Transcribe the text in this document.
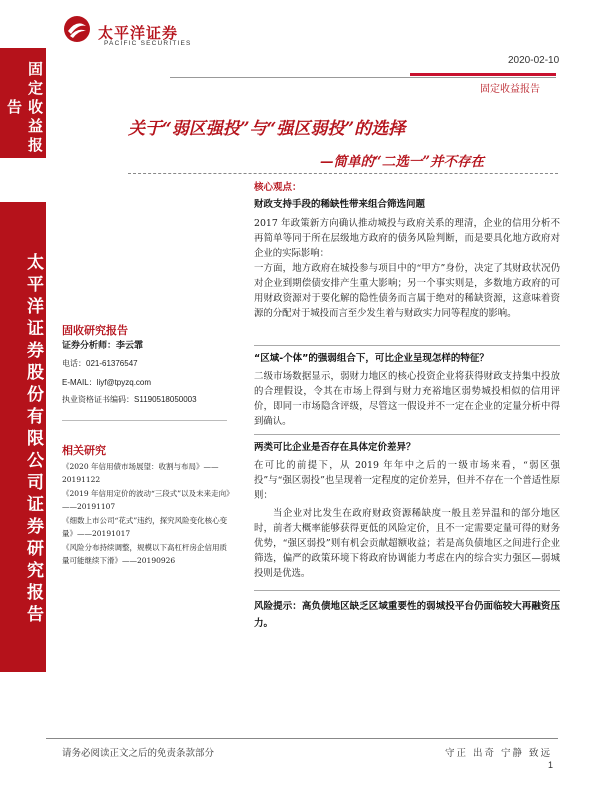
太平洋证券
PACIFIC SECURITIES
2020-02-10
固定收益报告
固定收益报告
太平洋证券股份有限公司证券研究报告
关于“弱区强投”与“强区弱投”的选择
—简单的“二选一”并不存在
固收研究报告
证券分析师：李云霏
电话：021-61376547
E-MAIL：liyf@tpyzq.com
执业资格证书编码：S1190518050003
相关研究
《2020 年信用债市场展望：收割与布局》——20191122
《2019 年信用定价的波动“三段式”以及未来走向》——20191107
《细数上市公司“花式”违约，探究风险变化核心变量》——20191017
《风险分布持续调整，规模以下高杠杆房企信用质量可能继续下滑》——20190926
核心观点：
财政支持手段的稀缺性带来组合筛选问题

2017 年政策新方向确认推动城投与政府关系的理清，企业的信用分析不再简单等同于所在层级地方政府的债务风险判断，而是要具化地方政府对企业的实际影响：

一方面，地方政府在城投参与项目中的“甲方”身份，决定了其财政状况仍对企业到期偿债安排产生重大影响；另一个事实则是，多数地方政府的可用财政资源对于要化解的隐性债务而言属于绝对的稀缺资源，这意味着资源的分配对于城投而言至少发生着与财政实力同等程度的影响。

“区域-个体”的强弱组合下，可比企业呈现怎样的特征？

二级市场数据显示，弱财力地区的核心投资企业将获得财政支持集中投放的合理假设，令其在市场上得到与财力充裕地区弱势城投相似的信用评价，即同一市场隐含评级，尽管这一假设并不一定在企业的定量分析中得到确认。

两类可比企业是否存在具体定价差异？

在可比的前提下，从 2019 年年中之后的一级市场来看，“弱区强投”与“强区弱投”也呈现着一定程度的定价差异，但并不存在一个普适性原则：

当企业对比发生在政府财政资源稀缺度一般且差异温和的部分地区时，前者大概率能够获得更低的风险定价，且不一定需要定量可得的财务优势，“强区弱投”则有机会贡献超额收益；若是高负债地区之间进行企业筛选，偏严的政策环境下将政府协调能力考虑在内的综合实力强区—弱城投则是优选。

风险提示：高负债地区缺乏区域重要性的弱城投平台仍面临较大再融资压力。
请务必阅读正文之后的免责条款部分	守正 出奇 宁静 致远
1
